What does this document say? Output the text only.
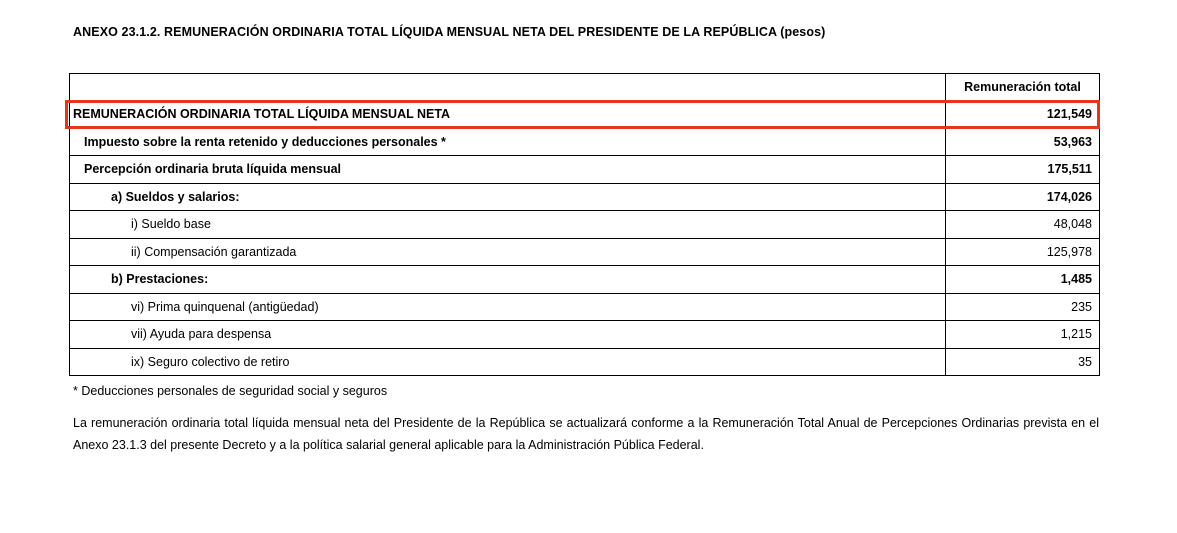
ANEXO 23.1.2. REMUNERACIÓN ORDINARIA TOTAL LÍQUIDA MENSUAL NETA DEL PRESIDENTE DE LA REPÚBLICA (pesos)
Remuneración total
REMUNERACIÓN ORDINARIA TOTAL LÍQUIDA MENSUAL NETA	121,549
Impuesto sobre la renta retenido y deducciones personales *	53,963
Percepción ordinaria bruta líquida mensual	175,511
a) Sueldos y salarios:	174,026
i) Sueldo base	48,048
ii) Compensación garantizada	125,978
b) Prestaciones:	1,485
vi) Prima quinquenal (antigüedad)	235
vii) Ayuda para despensa	1,215
ix) Seguro colectivo de retiro	35
* Deducciones personales de seguridad social y seguros
La remuneración ordinaria total líquida mensual neta del Presidente de la República se actualizará conforme a la Remuneración Total Anual de Percepciones Ordinarias prevista en el Anexo 23.1.3 del presente Decreto y a la política salarial general aplicable para la Administración Pública Federal.
